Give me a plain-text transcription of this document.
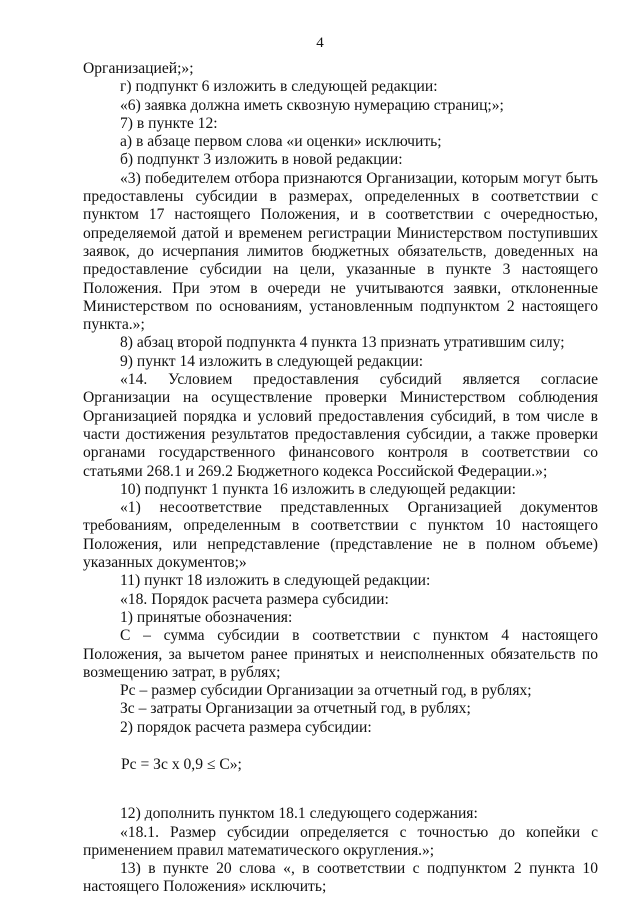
4

Организацией;»;

г) подпункт 6 изложить в следующей редакции:

«6) заявка должна иметь сквозную нумерацию страниц;»;

7) в пункте 12:

а) в абзаце первом слова «и оценки» исключить;

б) подпункт 3 изложить в новой редакции:

«3) победителем отбора признаются Организации, которым могут быть предоставлены субсидии в размерах, определенных в соответствии с пунктом 17 настоящего Положения, и в соответствии с очередностью, определяемой датой и временем регистрации Министерством поступивших заявок, до исчерпания лимитов бюджетных обязательств, доведенных на предоставление субсидии на цели, указанные в пункте 3 настоящего Положения. При этом в очереди не учитываются заявки, отклоненные Министерством по основаниям, установленным подпунктом 2 настоящего пункта.»;

8) абзац второй подпункта 4 пункта 13 признать утратившим силу;

9) пункт 14 изложить в следующей редакции:

«14. Условием предоставления субсидий является согласие Организации на осуществление проверки Министерством соблюдения Организацией порядка и условий предоставления субсидий, в том числе в части достижения результатов предоставления субсидии, а также проверки органами государственного финансового контроля в соответствии со статьями 268.1 и 269.2 Бюджетного кодекса Российской Федерации.»;

10) подпункт 1 пункта 16 изложить в следующей редакции:

«1) несоответствие представленных Организацией документов требованиям, определенным в соответствии с пунктом 10 настоящего Положения, или непредставление (представление не в полном объеме) указанных документов;»

11) пункт 18 изложить в следующей редакции:

«18. Порядок расчета размера субсидии:

1) принятые обозначения:

С – сумма субсидии в соответствии с пунктом 4 настоящего Положения, за вычетом ранее принятых и неисполненных обязательств по возмещению затрат, в рублях;

Рс – размер субсидии Организации за отчетный год, в рублях;

Зс – затраты Организации за отчетный год, в рублях;

2) порядок расчета размера субсидии:

Рс = Зс х 0,9 ≤ С»;

12) дополнить пунктом 18.1 следующего содержания:

«18.1. Размер субсидии определяется с точностью до копейки с применением правил математического округления.»;

13) в пункте 20 слова «, в соответствии с подпунктом 2 пункта 10 настоящего Положения» исключить;
